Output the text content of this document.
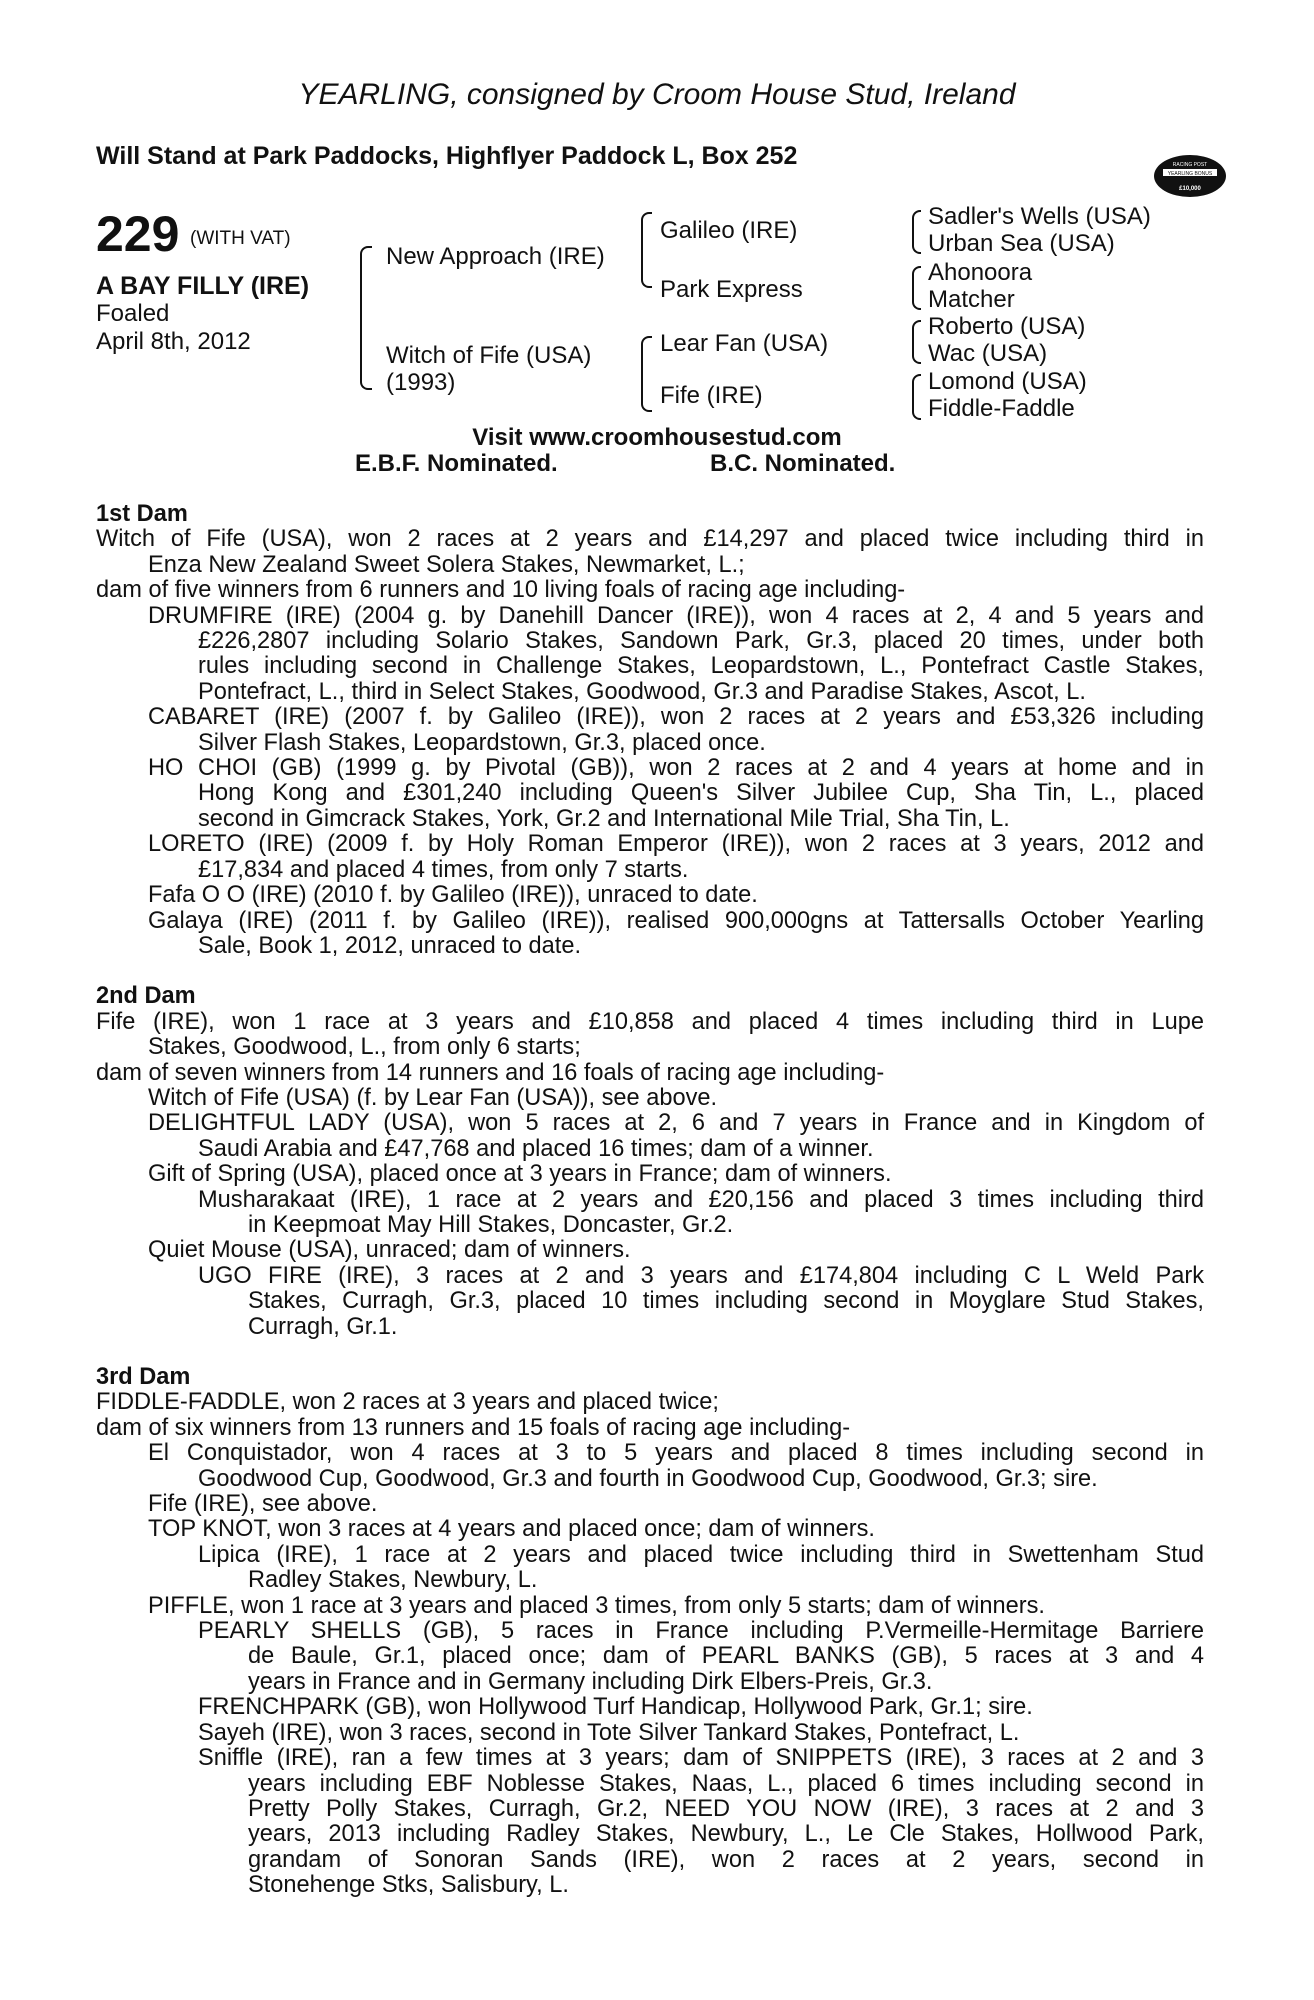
YEARLING, consigned by Croom House Stud, Ireland
Will Stand at Park Paddocks, Highflyer Paddock L, Box 252	RACING POST
YEARLING BONUS
£10,000
229 (WITH VAT)
A BAY FILLY (IRE)
Foaled
April 8th, 2012
New Approach (IRE)
Witch of Fife (USA)
(1993)
Galileo (IRE)
Park Express
Lear Fan (USA)
Fife (IRE)
Sadler's Wells (USA)
Urban Sea (USA)
Ahonoora
Matcher
Roberto (USA)
Wac (USA)
Lomond (USA)
Fiddle-Faddle
Visit www.croomhousestud.com
E.B.F. Nominated.	B.C. Nominated.

1st Dam

Witch of Fife (USA), won 2 races at 2 years and £14,297 and placed twice including third in

Enza New Zealand Sweet Solera Stakes, Newmarket, L.;

dam of five winners from 6 runners and 10 living foals of racing age including-

DRUMFIRE (IRE) (2004 g. by Danehill Dancer (IRE)), won 4 races at 2, 4 and 5 years and

£226,2807 including Solario Stakes, Sandown Park, Gr.3, placed 20 times, under both

rules including second in Challenge Stakes, Leopardstown, L., Pontefract Castle Stakes,

Pontefract, L., third in Select Stakes, Goodwood, Gr.3 and Paradise Stakes, Ascot, L.

CABARET (IRE) (2007 f. by Galileo (IRE)), won 2 races at 2 years and £53,326 including

Silver Flash Stakes, Leopardstown, Gr.3, placed once.

HO CHOI (GB) (1999 g. by Pivotal (GB)), won 2 races at 2 and 4 years at home and in

Hong Kong and £301,240 including Queen's Silver Jubilee Cup, Sha Tin, L., placed

second in Gimcrack Stakes, York, Gr.2 and International Mile Trial, Sha Tin, L.

LORETO (IRE) (2009 f. by Holy Roman Emperor (IRE)), won 2 races at 3 years, 2012 and

£17,834 and placed 4 times, from only 7 starts.

Fafa O O (IRE) (2010 f. by Galileo (IRE)), unraced to date.

Galaya (IRE) (2011 f. by Galileo (IRE)), realised 900,000gns at Tattersalls October Yearling

Sale, Book 1, 2012, unraced to date.

2nd Dam

Fife (IRE), won 1 race at 3 years and £10,858 and placed 4 times including third in Lupe

Stakes, Goodwood, L., from only 6 starts;

dam of seven winners from 14 runners and 16 foals of racing age including-

Witch of Fife (USA) (f. by Lear Fan (USA)), see above.

DELIGHTFUL LADY (USA), won 5 races at 2, 6 and 7 years in France and in Kingdom of

Saudi Arabia and £47,768 and placed 16 times; dam of a winner.

Gift of Spring (USA), placed once at 3 years in France; dam of winners.

Musharakaat (IRE), 1 race at 2 years and £20,156 and placed 3 times including third

in Keepmoat May Hill Stakes, Doncaster, Gr.2.

Quiet Mouse (USA), unraced; dam of winners.

UGO FIRE (IRE), 3 races at 2 and 3 years and £174,804 including C L Weld Park

Stakes, Curragh, Gr.3, placed 10 times including second in Moyglare Stud Stakes,

Curragh, Gr.1.

3rd Dam

FIDDLE-FADDLE, won 2 races at 3 years and placed twice;

dam of six winners from 13 runners and 15 foals of racing age including-

El Conquistador, won 4 races at 3 to 5 years and placed 8 times including second in

Goodwood Cup, Goodwood, Gr.3 and fourth in Goodwood Cup, Goodwood, Gr.3; sire.

Fife (IRE), see above.

TOP KNOT, won 3 races at 4 years and placed once; dam of winners.

Lipica (IRE), 1 race at 2 years and placed twice including third in Swettenham Stud

Radley Stakes, Newbury, L.

PIFFLE, won 1 race at 3 years and placed 3 times, from only 5 starts; dam of winners.

PEARLY SHELLS (GB), 5 races in France including P.Vermeille-Hermitage Barriere

de Baule, Gr.1, placed once; dam of PEARL BANKS (GB), 5 races at 3 and 4

years in France and in Germany including Dirk Elbers-Preis, Gr.3.

FRENCHPARK (GB), won Hollywood Turf Handicap, Hollywood Park, Gr.1; sire.

Sayeh (IRE), won 3 races, second in Tote Silver Tankard Stakes, Pontefract, L.

Sniffle (IRE), ran a few times at 3 years; dam of SNIPPETS (IRE), 3 races at 2 and 3

years including EBF Noblesse Stakes, Naas, L., placed 6 times including second in

Pretty Polly Stakes, Curragh, Gr.2, NEED YOU NOW (IRE), 3 races at 2 and 3

years, 2013 including Radley Stakes, Newbury, L., Le Cle Stakes, Hollwood Park,

grandam of Sonoran Sands (IRE), won 2 races at 2 years, second in

Stonehenge Stks, Salisbury, L.
